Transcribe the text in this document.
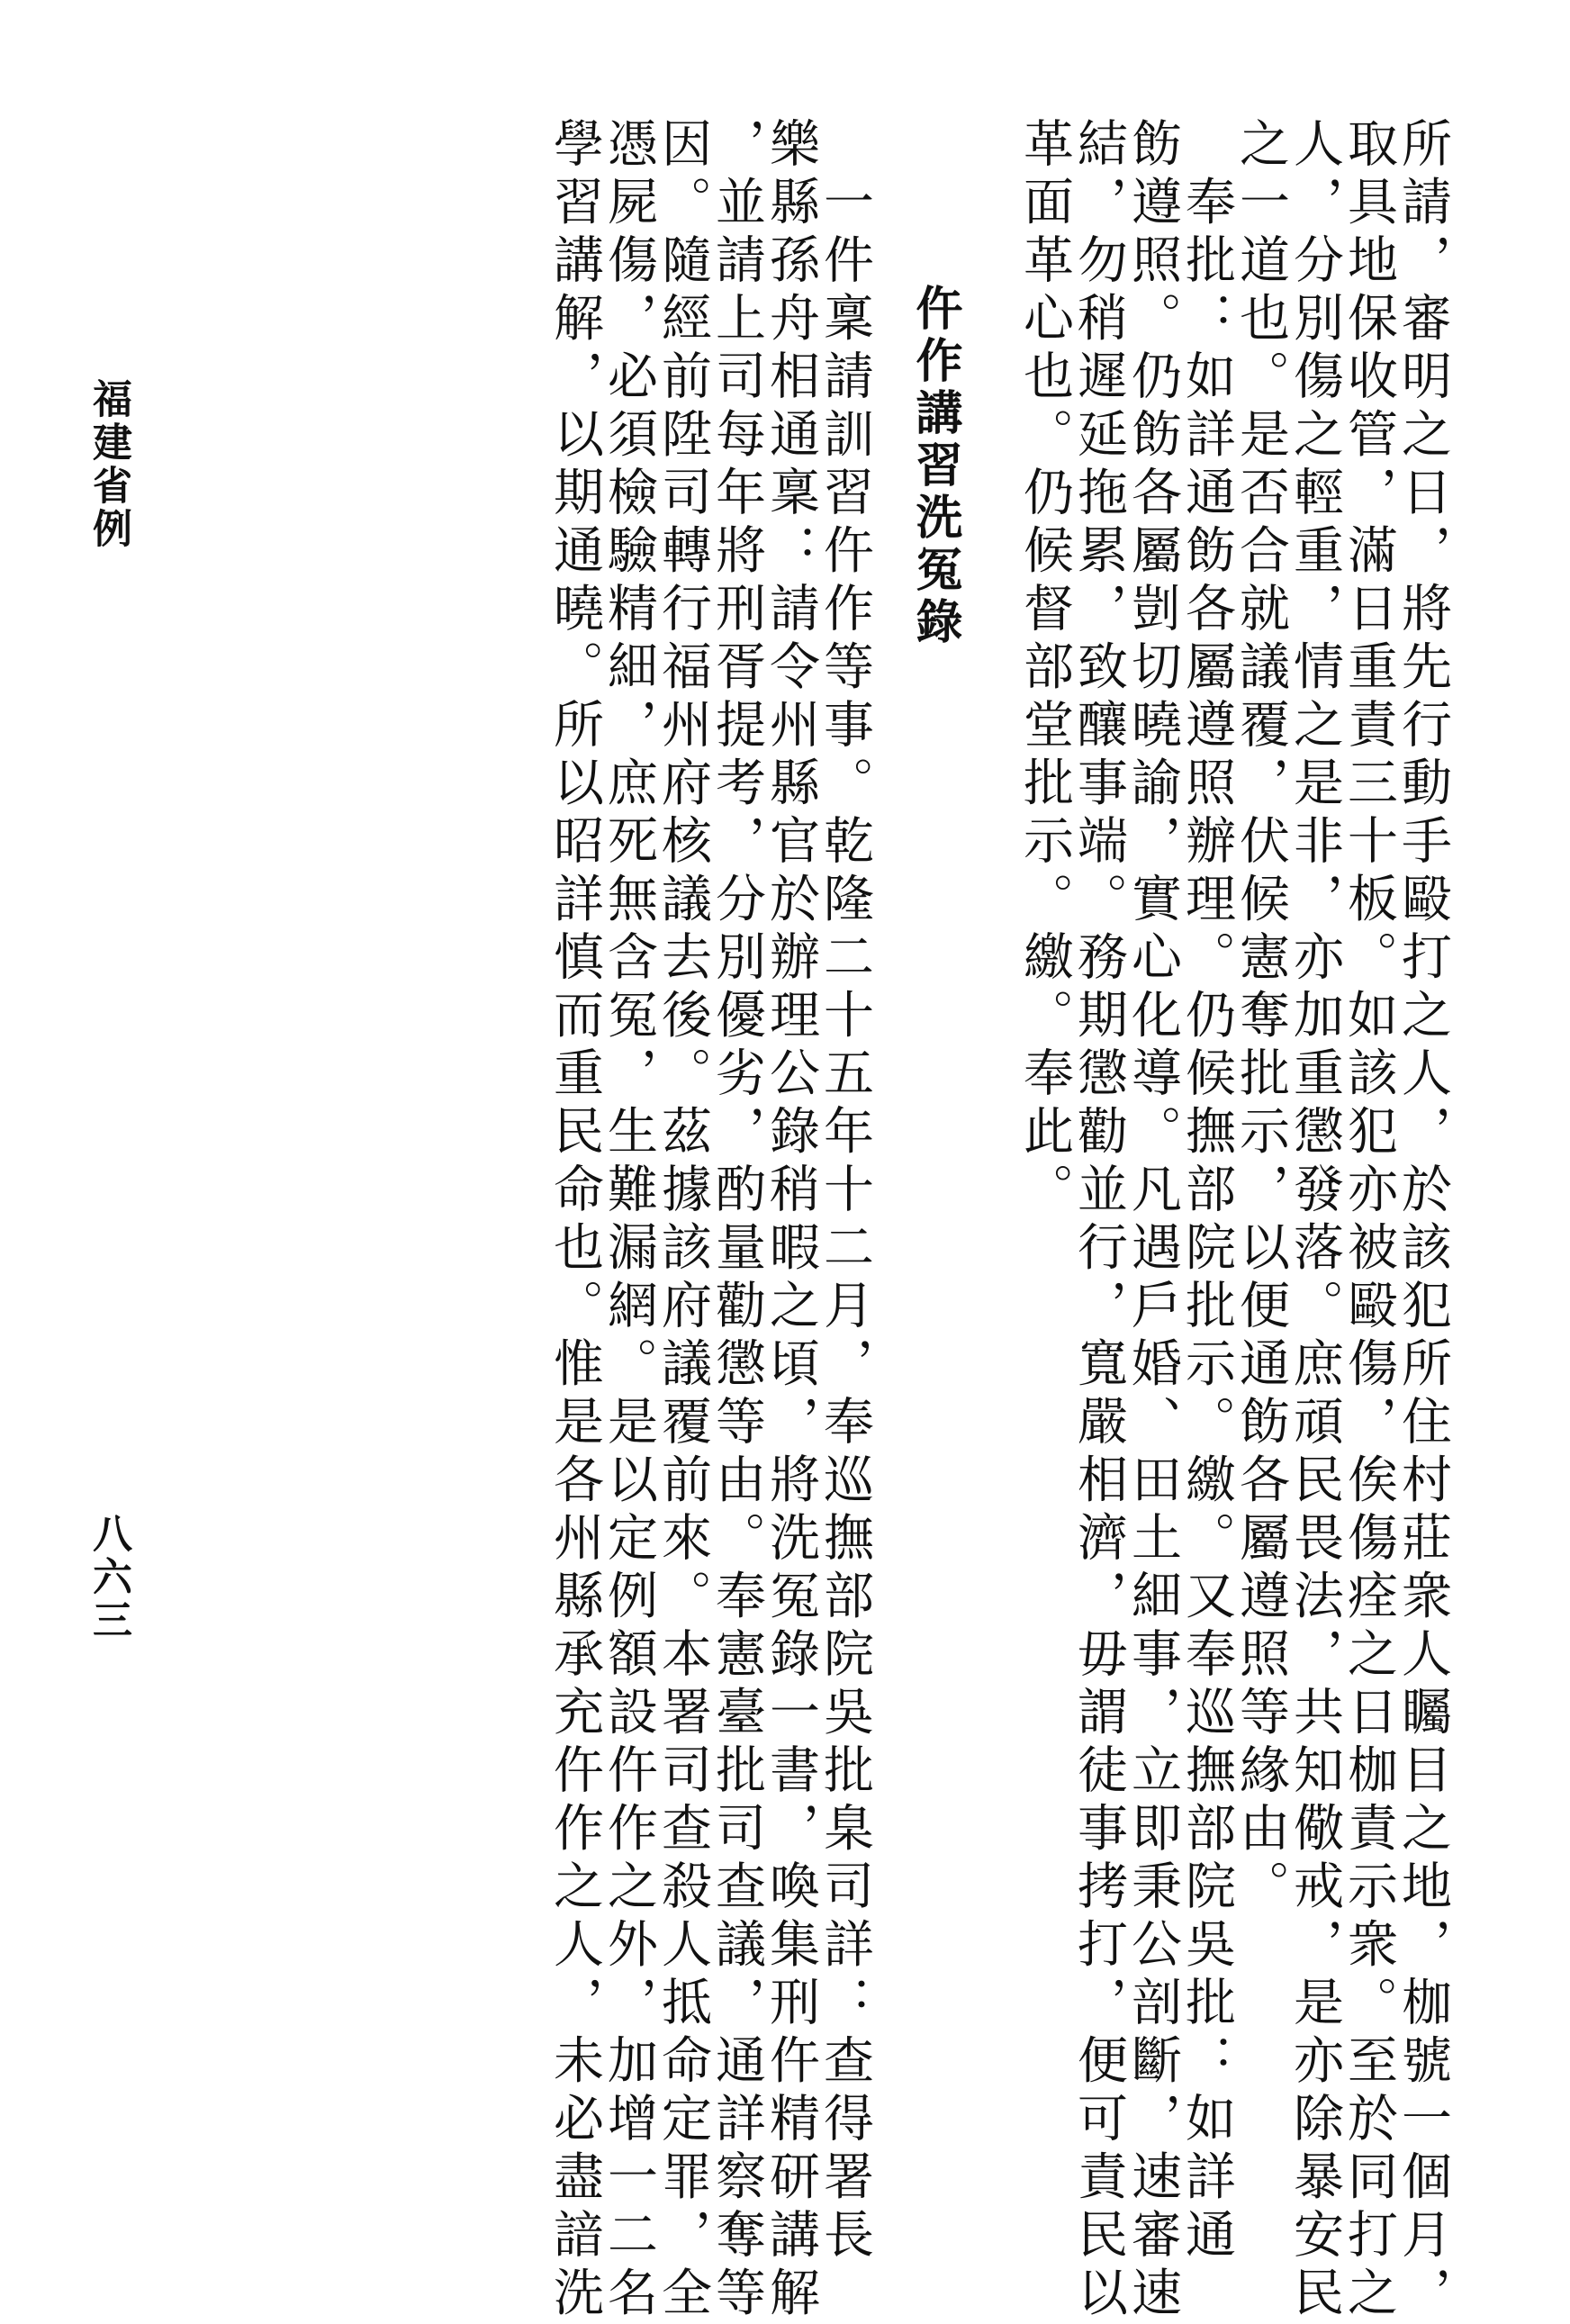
所請，審明之日，將先行動手毆打之人，於該犯所住村莊衆人矚目之地，枷號一個月，
取具地保收管，滿日重責三十板。如該犯亦被毆傷，俟傷痊之日枷責示衆。至於同打之
人，分別傷之輕重，情之是非，亦加重懲發落。庶頑民畏法，共知儆戒，是亦除暴安民
之一道也。是否合就議覆，伏候憲奪批示，以便通飭各屬遵照等緣由。
　奉批：如詳通飭各屬遵照辦理。仍候撫部院批示。繳。又奉巡撫部院吳批：如詳通
飭遵照。仍飭各屬剴切曉諭，實心化導。凡遇戶婚、田土細事，立即秉公剖斷，速審速
結，勿稍遲延拖累，致釀事端。務期懲勸並行，寬嚴相濟，毋謂徒事拷打，便可責民以
革面革心也。仍候督部堂批示。繳。奉此。
仵作講習洗冤錄
　一件稟請訓習仵作等事。乾隆二十五年十二月，奉巡撫部院吳批臬司詳：查得署長
樂縣孫舟相通稟：請令州縣官於辦理公錄稍暇之頃，將洗冤錄一書，喚集刑仵精研講解
，並請上司每年將刑胥提考，分別優劣，酌量勸懲等由。奉憲臺批司查議，通詳察奪等
因。隨經前陞司轉行福州府核議去後。茲據該府議覆前來。本署司查殺人抵命定罪，全
憑屍傷，必須檢驗精細，庶死無含冤，生難漏網。是以定例額設仵作之外，加增一二名
學習講解，以期通曉。所以昭詳慎而重民命也。惟是各州縣承充仵作之人，未必盡諳洗
福建省例
八六三
